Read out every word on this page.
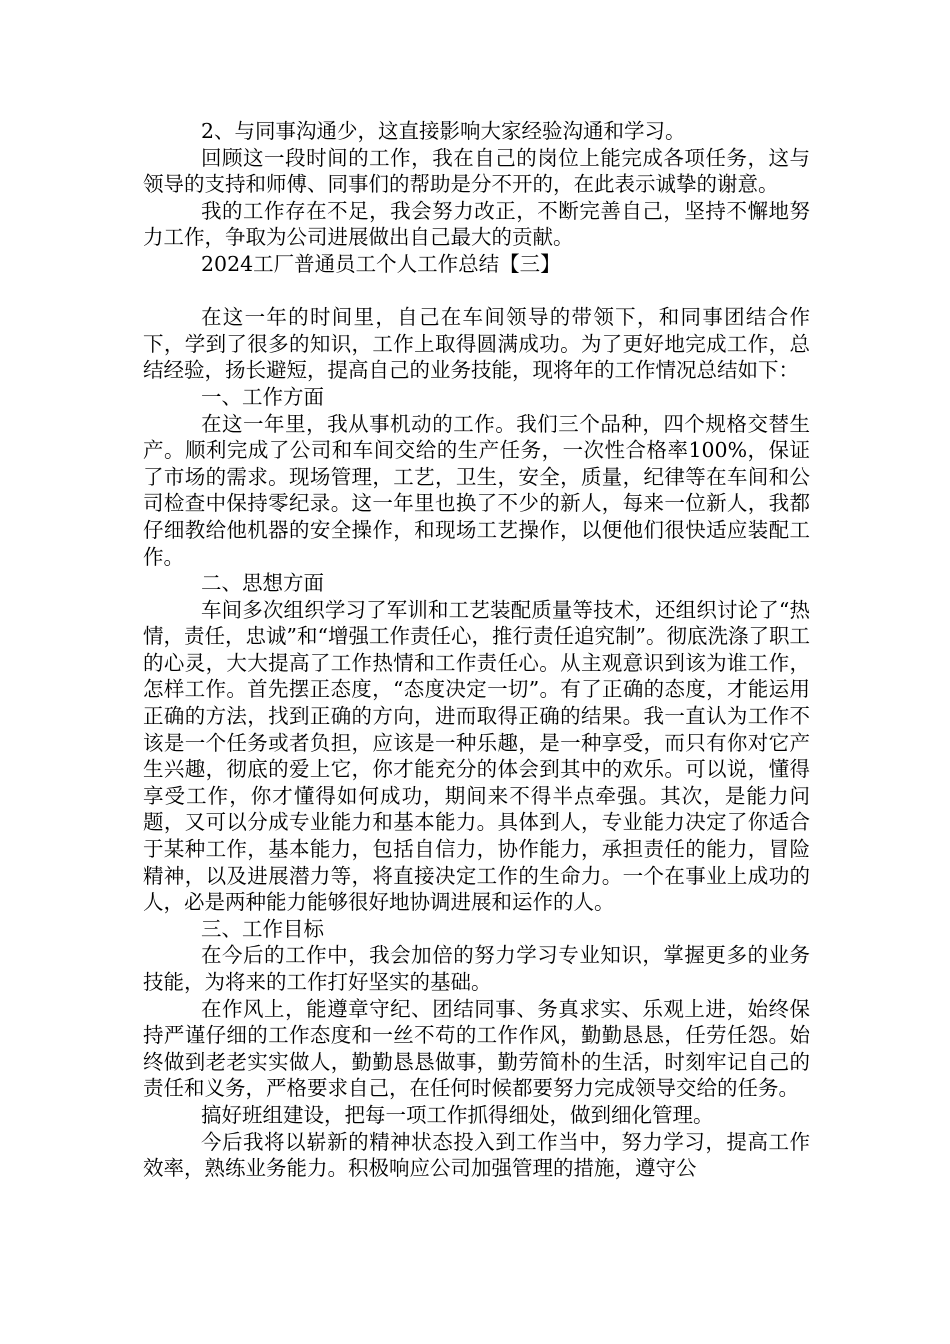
2、与同事沟通少，这直接影响大家经验沟通和学习。

回顾这一段时间的工作，我在自己的岗位上能完成各项任务，这与领导的支持和师傅、同事们的帮助是分不开的，在此表示诚挚的谢意。

我的工作存在不足，我会努力改正，不断完善自己，坚持不懈地努力工作，争取为公司进展做出自己最大的贡献。

2024工厂普通员工个人工作总结【三】

在这一年的时间里，自己在车间领导的带领下，和同事团结合作下，学到了很多的知识，工作上取得圆满成功。为了更好地完成工作，总结经验，扬长避短，提高自己的业务技能，现将年的工作情况总结如下：

一、工作方面

在这一年里，我从事机动的工作。我们三个品种，四个规格交替生产。顺利完成了公司和车间交给的生产任务，一次性合格率100%，保证了市场的需求。现场管理，工艺，卫生，安全，质量，纪律等在车间和公司检查中保持零纪录。这一年里也换了不少的新人，每来一位新人，我都仔细教给他机器的安全操作，和现场工艺操作，以便他们很快适应装配工作。

二、思想方面

车间多次组织学习了军训和工艺装配质量等技术，还组织讨论了“热情，责任，忠诚”和“增强工作责任心，推行责任追究制”。彻底洗涤了职工的心灵，大大提高了工作热情和工作责任心。从主观意识到该为谁工作，怎样工作。首先摆正态度，“态度决定一切”。有了正确的态度，才能运用正确的方法，找到正确的方向，进而取得正确的结果。我一直认为工作不该是一个任务或者负担，应该是一种乐趣，是一种享受，而只有你对它产生兴趣，彻底的爱上它，你才能充分的体会到其中的欢乐。可以说，懂得享受工作，你才懂得如何成功，期间来不得半点牵强。其次，是能力问题，又可以分成专业能力和基本能力。具体到人，专业能力决定了你适合于某种工作，基本能力，包括自信力，协作能力，承担责任的能力，冒险精神，以及进展潜力等，将直接决定工作的生命力。一个在事业上成功的人，必是两种能力能够很好地协调进展和运作的人。

三、工作目标

在今后的工作中，我会加倍的努力学习专业知识，掌握更多的业务技能，为将来的工作打好坚实的基础。

在作风上，能遵章守纪、团结同事、务真求实、乐观上进，始终保持严谨仔细的工作态度和一丝不苟的工作作风，勤勤恳恳，任劳任怨。始终做到老老实实做人，勤勤恳恳做事，勤劳简朴的生活，时刻牢记自己的责任和义务，严格要求自己，在任何时候都要努力完成领导交给的任务。

搞好班组建设，把每一项工作抓得细处，做到细化管理。

今后我将以崭新的精神状态投入到工作当中，努力学习，提高工作效率，熟练业务能力。积极响应公司加强管理的措施，遵守公
